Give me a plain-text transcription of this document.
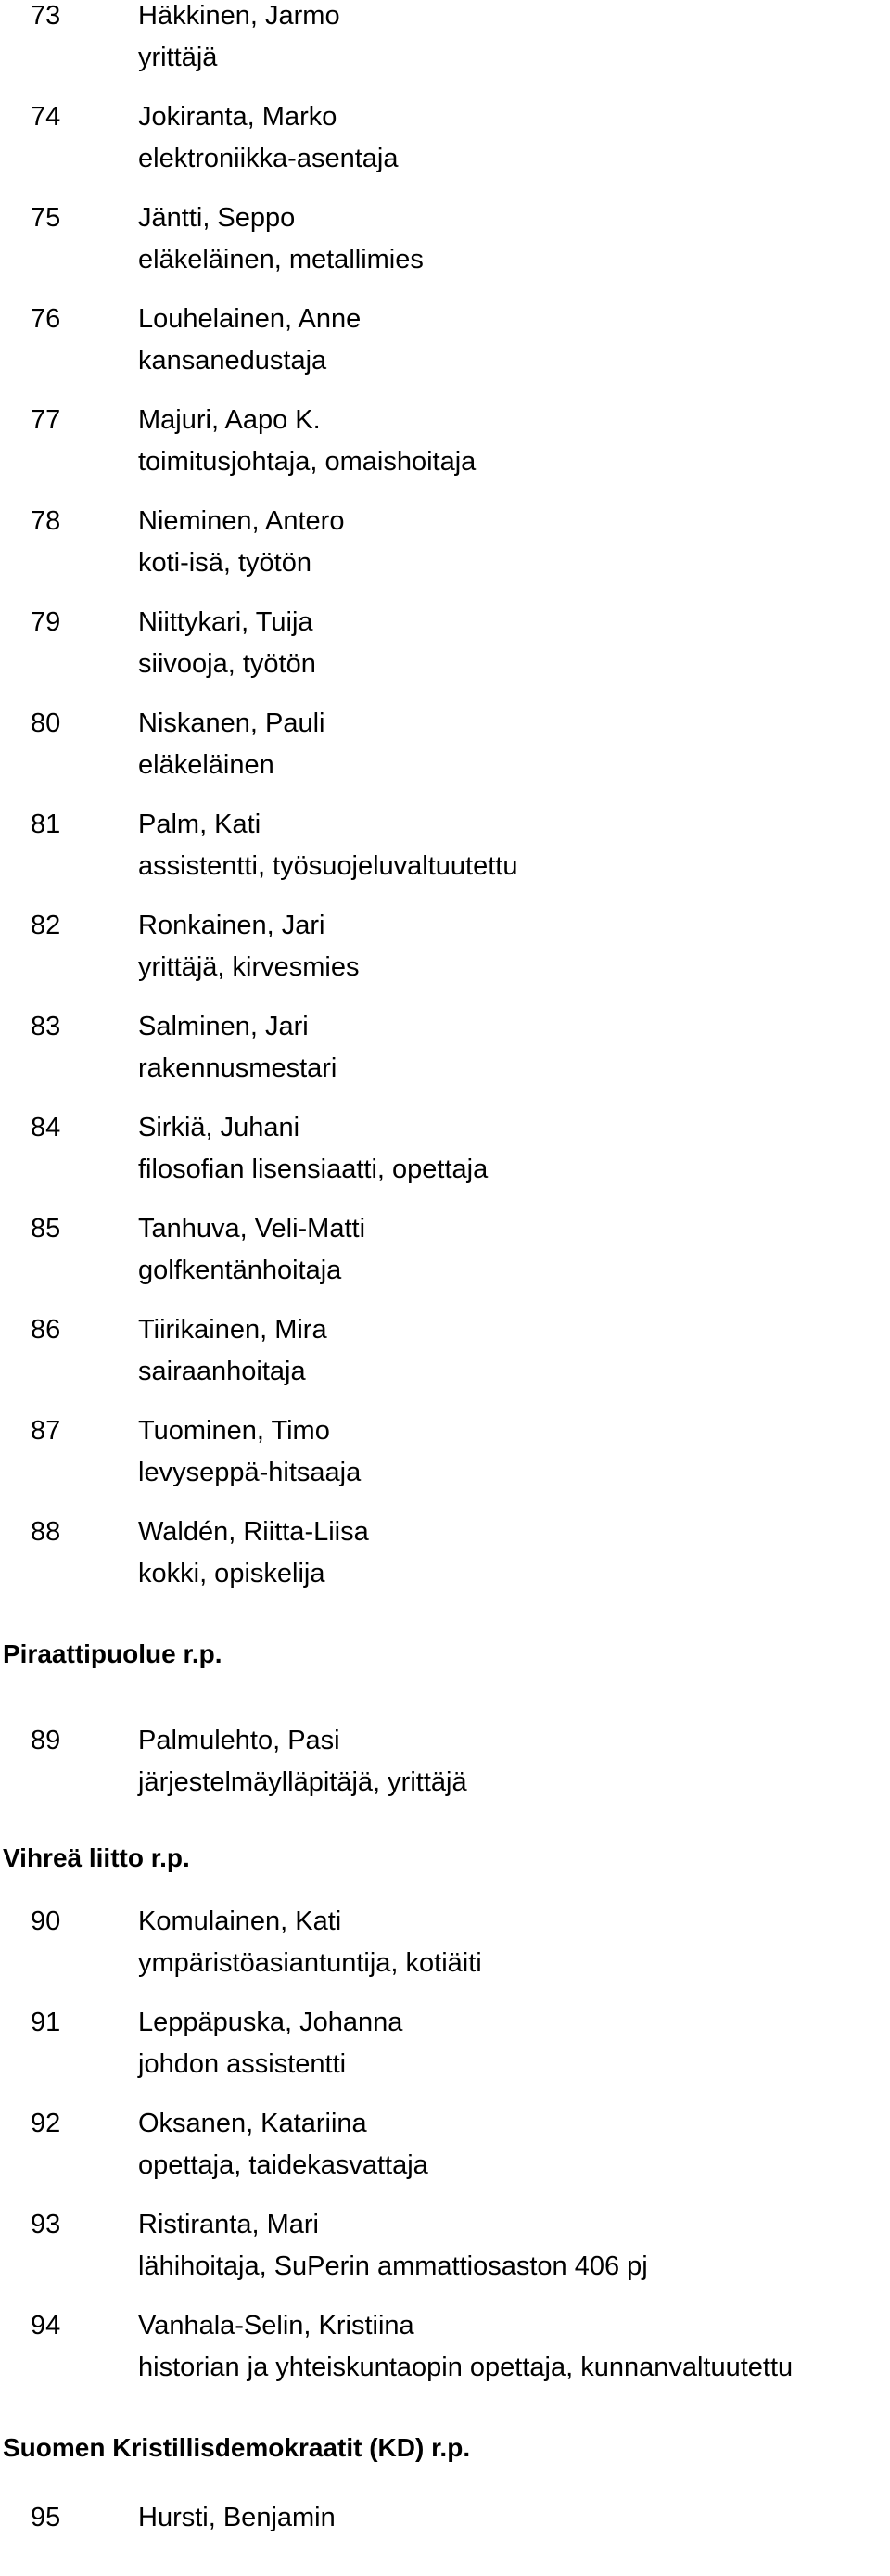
73	Häkkinen, Jarmo
yrittäjä
74	Jokiranta, Marko
elektroniikka-asentaja
75	Jäntti, Seppo
eläkeläinen, metallimies
76	Louhelainen, Anne
kansanedustaja
77	Majuri, Aapo K.
toimitusjohtaja, omaishoitaja
78	Nieminen, Antero
koti-isä, työtön
79	Niittykari, Tuija
siivooja, työtön
80	Niskanen, Pauli
eläkeläinen
81	Palm, Kati
assistentti, työsuojeluvaltuutettu
82	Ronkainen, Jari
yrittäjä, kirvesmies
83	Salminen, Jari
rakennusmestari
84	Sirkiä, Juhani
filosofian lisensiaatti, opettaja
85	Tanhuva, Veli-Matti
golfkentänhoitaja
86	Tiirikainen, Mira
sairaanhoitaja
87	Tuominen, Timo
levyseppä-hitsaaja
88	Waldén, Riitta-Liisa
kokki, opiskelija
Piraattipuolue r.p.
89	Palmulehto, Pasi
järjestelmäylläpitäjä, yrittäjä
Vihreä liitto r.p.
90	Komulainen, Kati
ympäristöasiantuntija, kotiäiti
91	Leppäpuska, Johanna
johdon assistentti
92	Oksanen, Katariina
opettaja, taidekasvattaja
93	Ristiranta, Mari
lähihoitaja, SuPerin ammattiosaston 406 pj
94	Vanhala-Selin, Kristiina
historian ja yhteiskuntaopin opettaja, kunnanvaltuutettu
Suomen Kristillisdemokraatit (KD) r.p.
95	Hursti, Benjamin
